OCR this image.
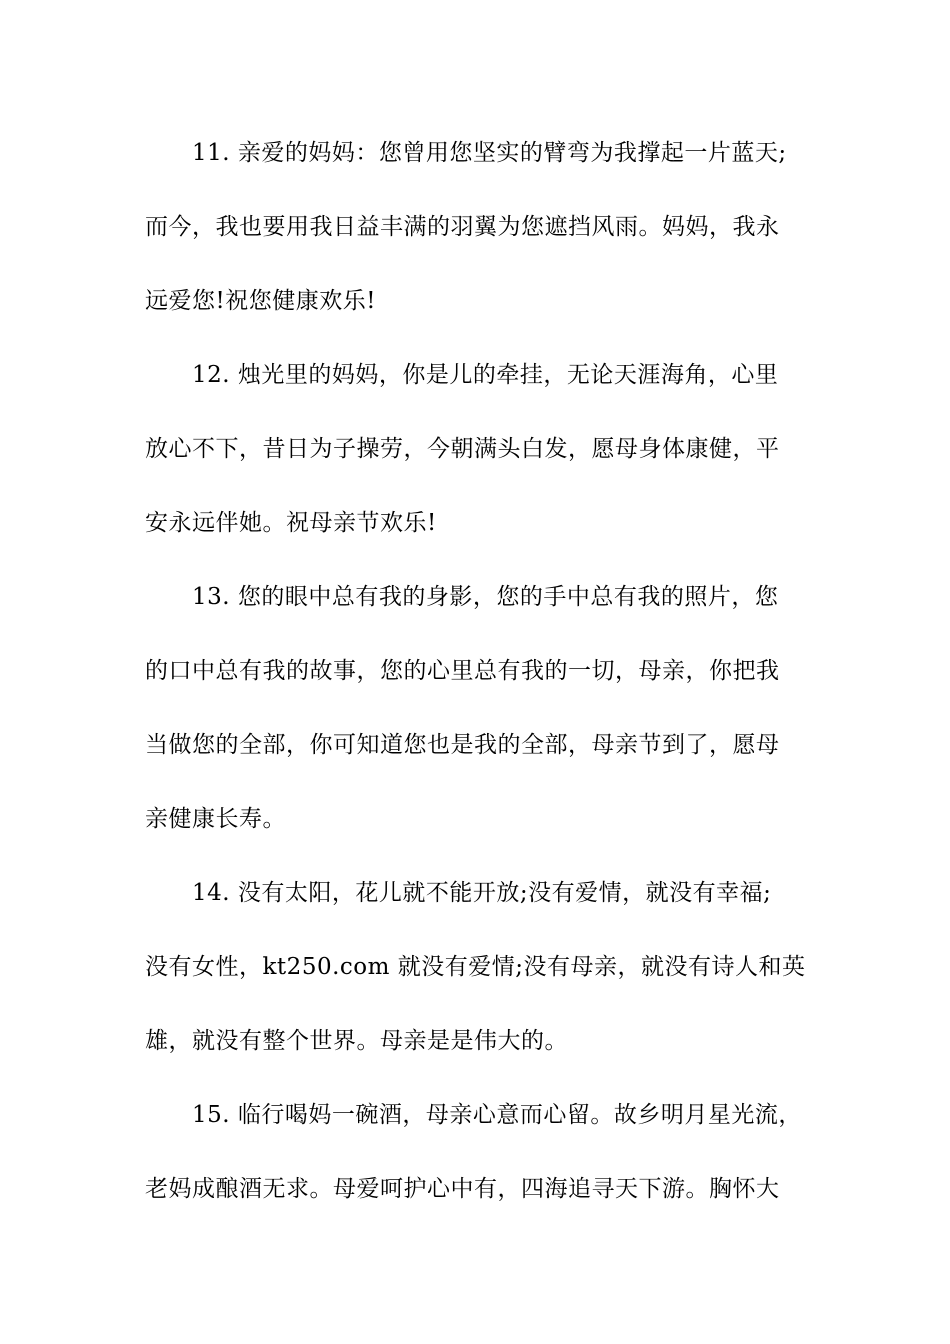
11. 亲爱的妈妈：您曾用您坚实的臂弯为我撑起一片蓝天;
而今，我也要用我日益丰满的羽翼为您遮挡风雨。妈妈，我永
远爱您!祝您健康欢乐!
12. 烛光里的妈妈，你是儿的牵挂，无论天涯海角，心里
放心不下，昔日为子操劳，今朝满头白发，愿母身体康健，平
安永远伴她。祝母亲节欢乐!
13. 您的眼中总有我的身影，您的手中总有我的照片，您
的口中总有我的故事，您的心里总有我的一切，母亲，你把我
当做您的全部，你可知道您也是我的全部，母亲节到了，愿母
亲健康长寿。
14. 没有太阳，花儿就不能开放;没有爱情，就没有幸福;
没有女性，kt250.com 就没有爱情;没有母亲，就没有诗人和英
雄，就没有整个世界。母亲是是伟大的。
15. 临行喝妈一碗酒，母亲心意而心留。故乡明月星光流，
老妈成酿酒无求。母爱呵护心中有，四海追寻天下游。胸怀大
